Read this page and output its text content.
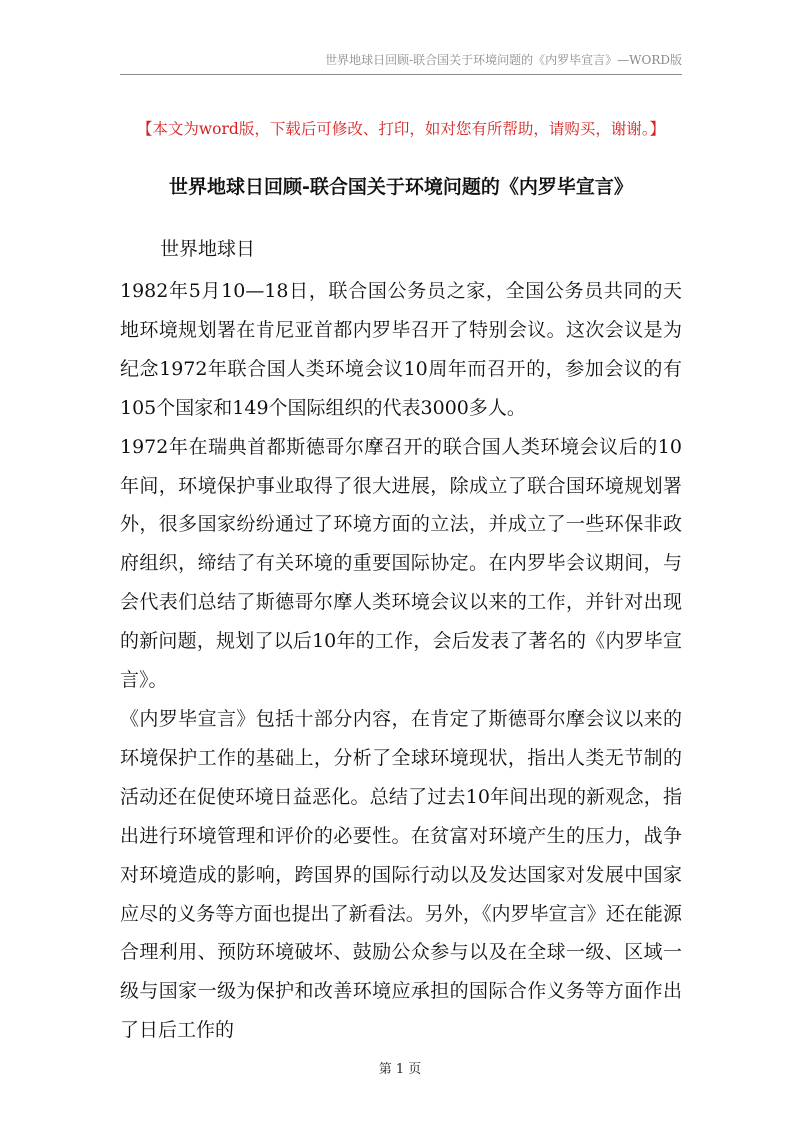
世界地球日回顾-联合国关于环境问题的《内罗毕宣言》—WORD版
【本文为word版，下载后可修改、打印，如对您有所帮助，请购买，谢谢。】
世界地球日回顾-联合国关于环境问题的《内罗毕宣言》
世界地球日

1982年5月10—18日，联合国公务员之家，全国公务员共同的天地环境规划署在肯尼亚首都内罗毕召开了特别会议。这次会议是为纪念1972年联合国人类环境会议10周年而召开的，参加会议的有105个国家和149个国际组织的代表3000多人。

1972年在瑞典首都斯德哥尔摩召开的联合国人类环境会议后的10年间，环境保护事业取得了很大进展，除成立了联合国环境规划署外，很多国家纷纷通过了环境方面的立法，并成立了一些环保非政府组织，缔结了有关环境的重要国际协定。在内罗毕会议期间，与会代表们总结了斯德哥尔摩人类环境会议以来的工作，并针对出现的新问题，规划了以后10年的工作，会后发表了著名的《内罗毕宣言》。

《内罗毕宣言》包括十部分内容，在肯定了斯德哥尔摩会议以来的环境保护工作的基础上，分析了全球环境现状，指出人类无节制的活动还在促使环境日益恶化。总结了过去10年间出现的新观念，指出进行环境管理和评价的必要性。在贫富对环境产生的压力，战争对环境造成的影响，跨国界的国际行动以及发达国家对发展中国家应尽的义务等方面也提出了新看法。另外，《内罗毕宣言》还在能源合理利用、预防环境破坏、鼓励公众参与以及在全球一级、区域一级与国家一级为保护和改善环境应承担的国际合作义务等方面作出了日后工作的

第 1 页
